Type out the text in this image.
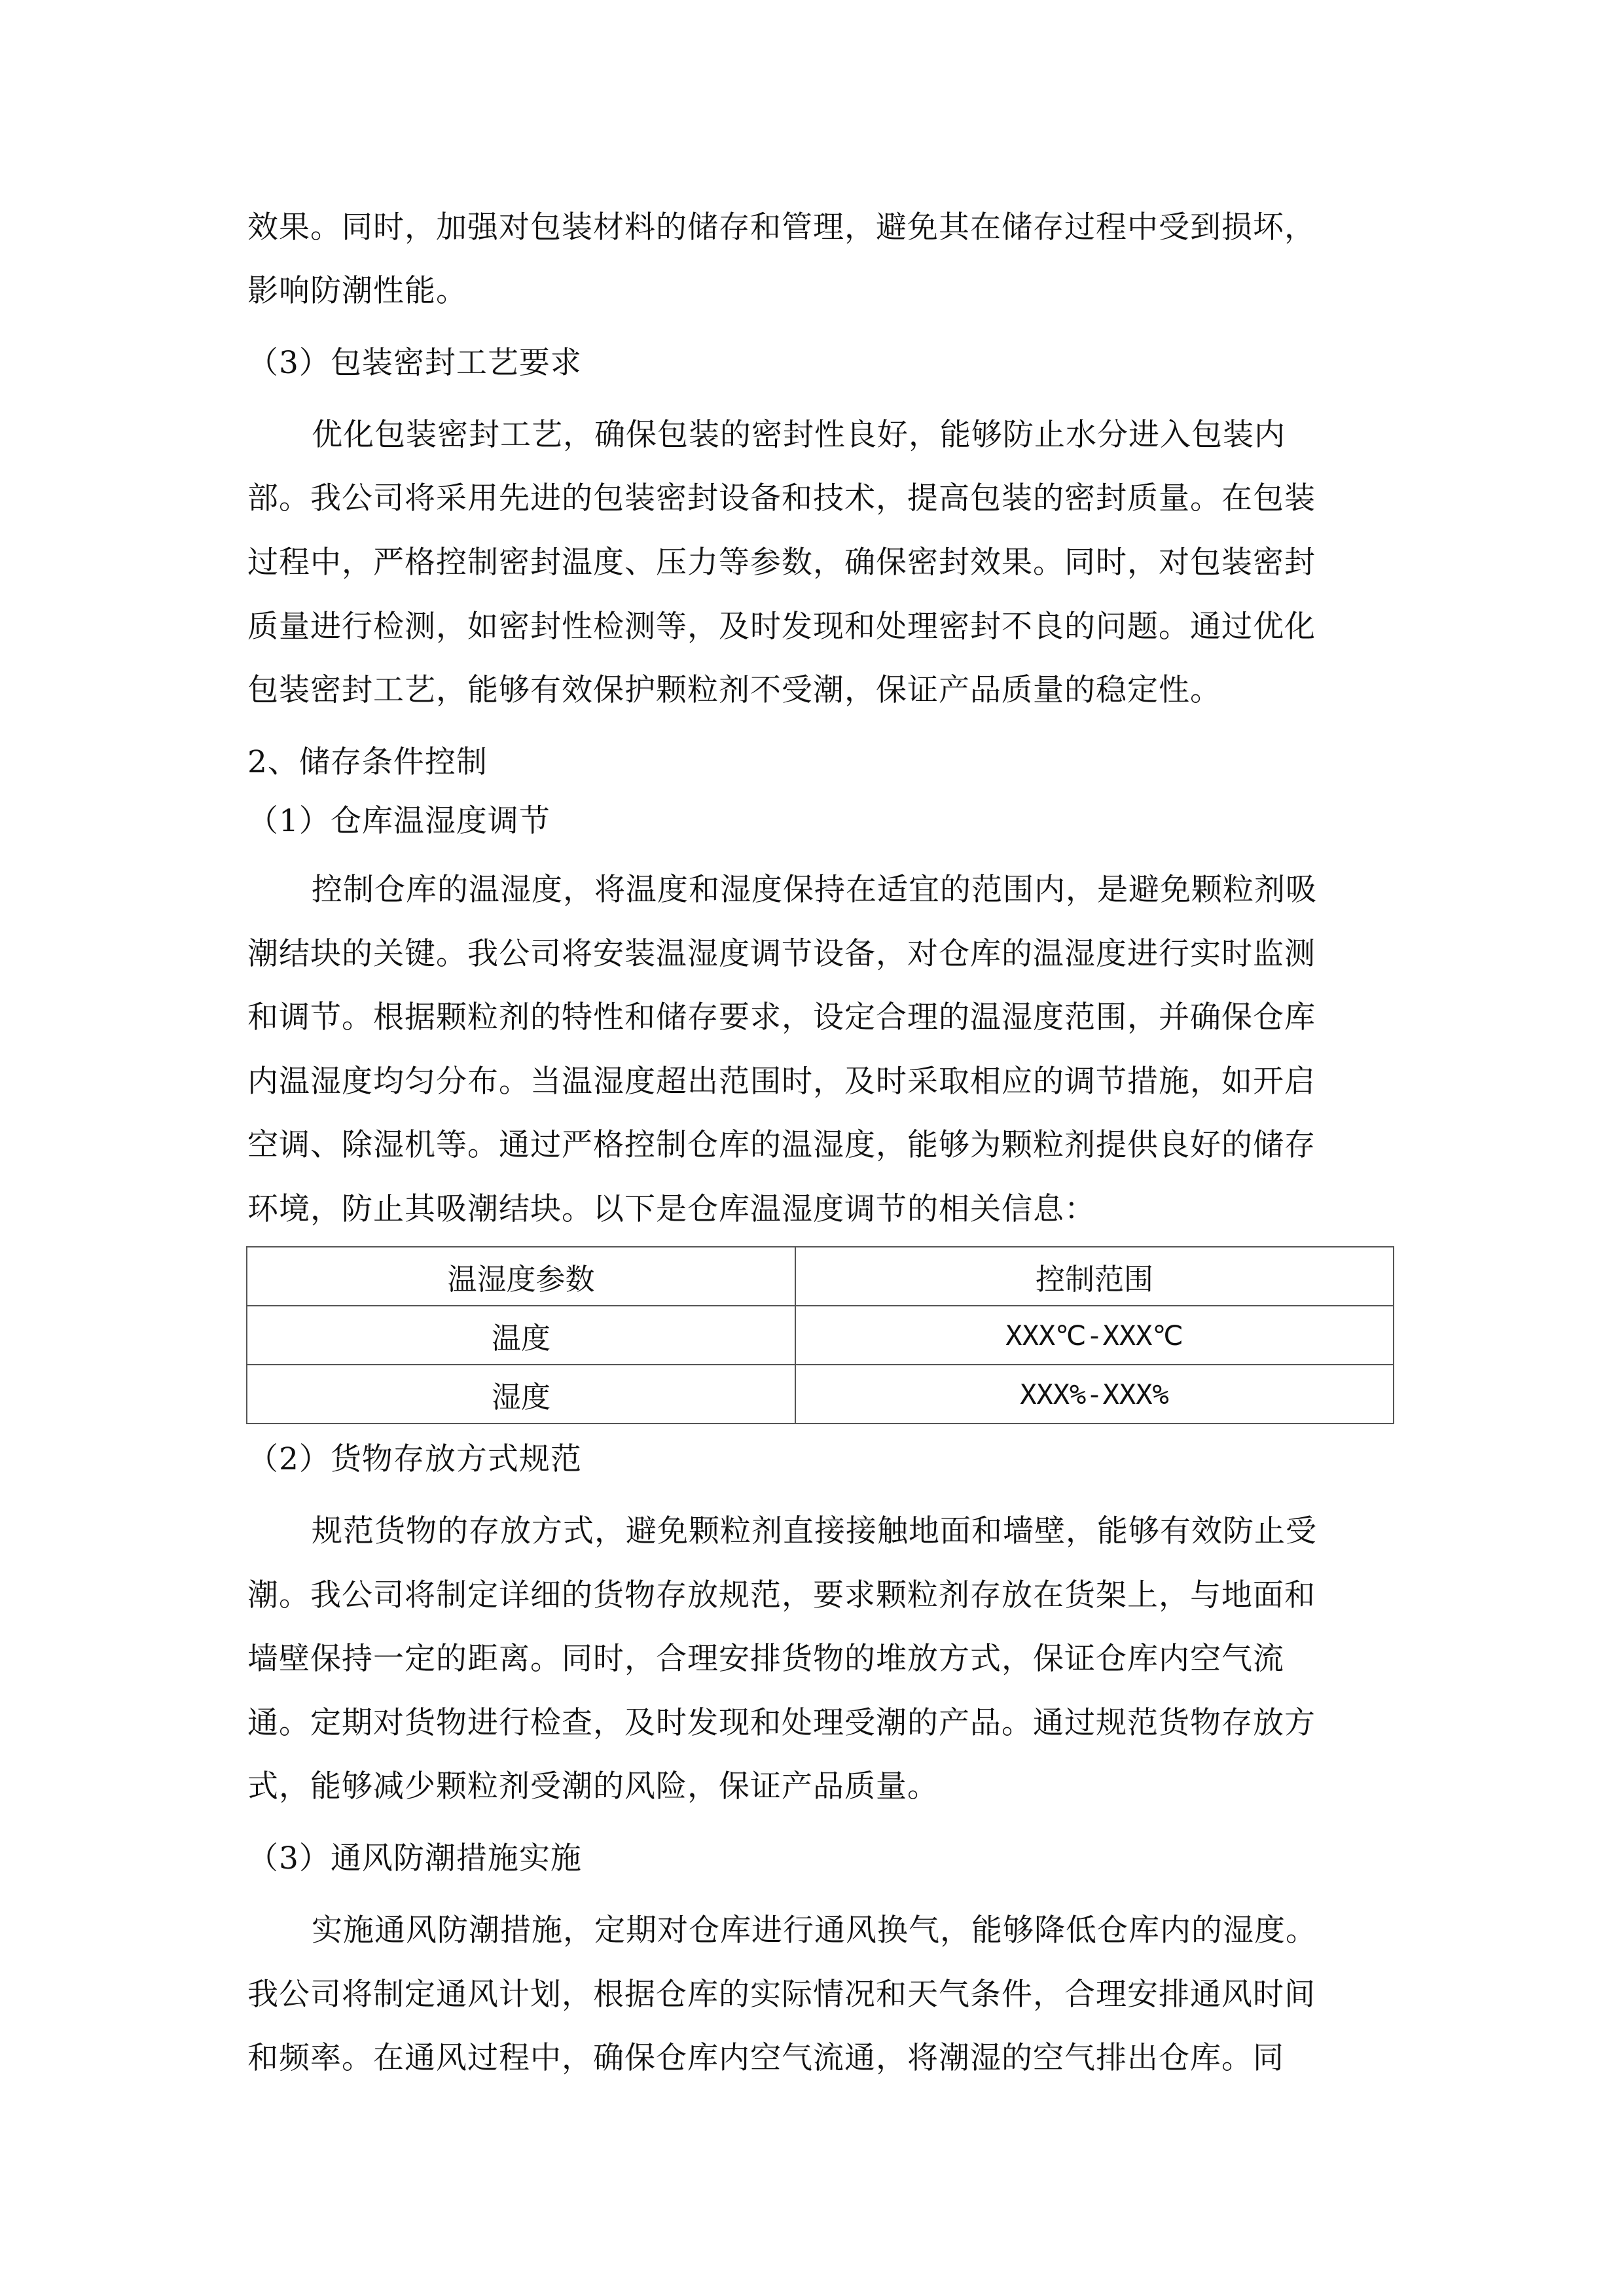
效果。同时，加强对包装材料的储存和管理，避免其在储存过程中受到损坏，
影响防潮性能。
（3）包装密封工艺要求
优化包装密封工艺，确保包装的密封性良好，能够防止水分进入包装内
部。我公司将采用先进的包装密封设备和技术，提高包装的密封质量。在包装
过程中，严格控制密封温度、压力等参数，确保密封效果。同时，对包装密封
质量进行检测，如密封性检测等，及时发现和处理密封不良的问题。通过优化
包装密封工艺，能够有效保护颗粒剂不受潮，保证产品质量的稳定性。
2、储存条件控制
（1）仓库温湿度调节
控制仓库的温湿度，将温度和湿度保持在适宜的范围内，是避免颗粒剂吸
潮结块的关键。我公司将安装温湿度调节设备，对仓库的温湿度进行实时监测
和调节。根据颗粒剂的特性和储存要求，设定合理的温湿度范围，并确保仓库
内温湿度均匀分布。当温湿度超出范围时，及时采取相应的调节措施，如开启
空调、除湿机等。通过严格控制仓库的温湿度，能够为颗粒剂提供良好的储存
环境，防止其吸潮结块。以下是仓库温湿度调节的相关信息：
温湿度参数	控制范围
温度	XXX℃-XXX℃
湿度	XXX%-XXX%
（2）货物存放方式规范
规范货物的存放方式，避免颗粒剂直接接触地面和墙壁，能够有效防止受
潮。我公司将制定详细的货物存放规范，要求颗粒剂存放在货架上，与地面和
墙壁保持一定的距离。同时，合理安排货物的堆放方式，保证仓库内空气流
通。定期对货物进行检查，及时发现和处理受潮的产品。通过规范货物存放方
式，能够减少颗粒剂受潮的风险，保证产品质量。
（3）通风防潮措施实施
实施通风防潮措施，定期对仓库进行通风换气，能够降低仓库内的湿度。
我公司将制定通风计划，根据仓库的实际情况和天气条件，合理安排通风时间
和频率。在通风过程中，确保仓库内空气流通，将潮湿的空气排出仓库。同
